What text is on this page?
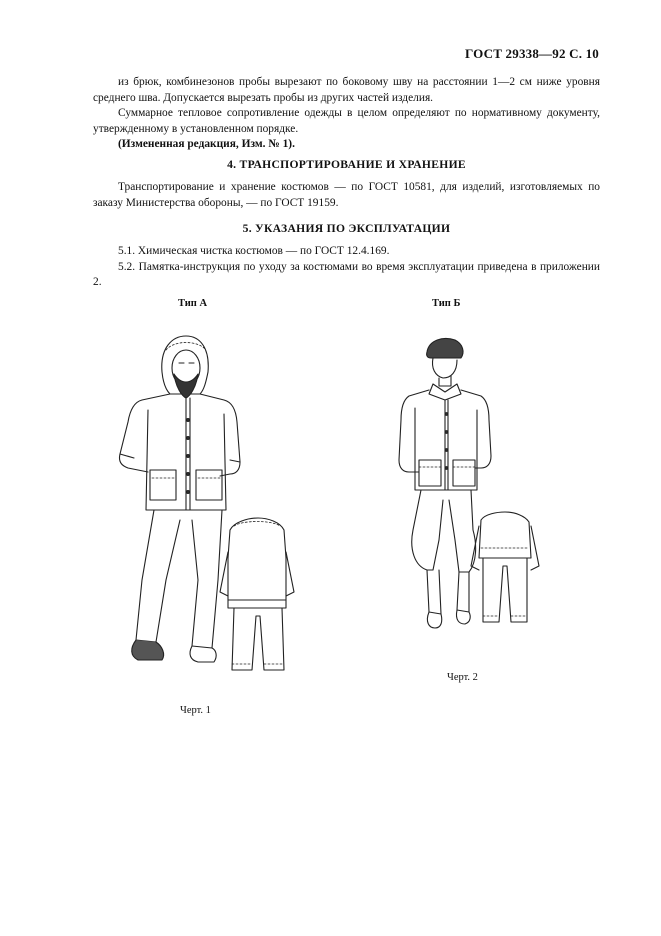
ГОСТ 29338—92 С. 10

из брюк, комбинезонов пробы вырезают по боковому шву на расстоянии 1—2 см ниже уровня среднего шва. Допускается вырезать пробы из других частей изделия.

Суммарное тепловое сопротивление одежды в целом определяют по нормативному документу, утвержденному в установленном порядке.

(Измененная редакция, Изм. № 1).

4. ТРАНСПОРТИРОВАНИЕ И ХРАНЕНИЕ

Транспортирование и хранение костюмов — по ГОСТ 10581, для изделий, изготовляемых по заказу Министерства обороны, — по ГОСТ 19159.

5. УКАЗАНИЯ ПО ЭКСПЛУАТАЦИИ

5.1. Химическая чистка костюмов — по ГОСТ 12.4.169.

5.2. Памятка-инструкция по уходу за костюмами во время эксплуатации приведена в приложении 2.

Тип А	Тип Б
Черт. 2
Черт. 1
